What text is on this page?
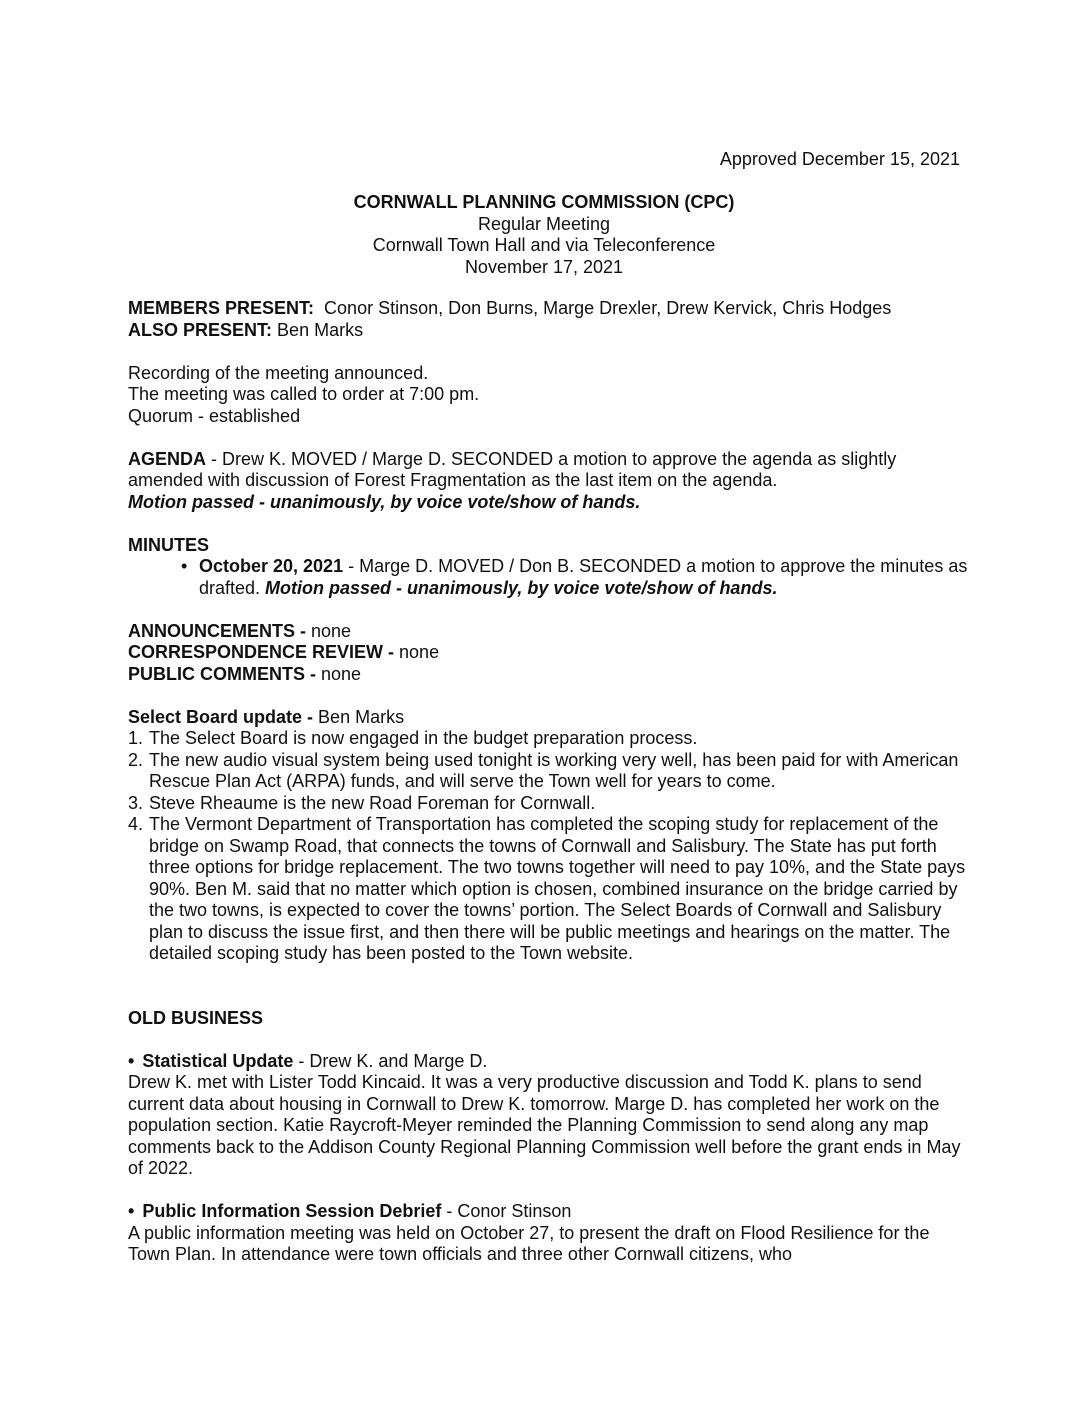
Approved December 15, 2021
CORNWALL PLANNING COMMISSION (CPC)
Regular Meeting
Cornwall Town Hall and via Teleconference
November 17, 2021

MEMBERS PRESENT: Conor Stinson, Don Burns, Marge Drexler, Drew Kervick, Chris Hodges

ALSO PRESENT: Ben Marks

Recording of the meeting announced.

The meeting was called to order at 7:00 pm.

Quorum - established

AGENDA - Drew K. MOVED / Marge D. SECONDED a motion to approve the agenda as slightly amended with discussion of Forest Fragmentation as the last item on the agenda.

Motion passed - unanimously, by voice vote/show of hands.

MINUTES

• October 20, 2021 - Marge D. MOVED / Don B. SECONDED a motion to approve the minutes as drafted. Motion passed - unanimously, by voice vote/show of hands.

ANNOUNCEMENTS - none

CORRESPONDENCE REVIEW - none

PUBLIC COMMENTS - none

Select Board update - Ben Marks

1. The Select Board is now engaged in the budget preparation process.
2. The new audio visual system being used tonight is working very well, has been paid for with American Rescue Plan Act (ARPA) funds, and will serve the Town well for years to come.
3. Steve Rheaume is the new Road Foreman for Cornwall.
4. The Vermont Department of Transportation has completed the scoping study for replacement of the bridge on Swamp Road, that connects the towns of Cornwall and Salisbury. The State has put forth three options for bridge replacement. The two towns together will need to pay 10%, and the State pays 90%. Ben M. said that no matter which option is chosen, combined insurance on the bridge carried by the two towns, is expected to cover the towns’ portion. The Select Boards of Cornwall and Salisbury plan to discuss the issue first, and then there will be public meetings and hearings on the matter. The detailed scoping study has been posted to the Town website.

OLD BUSINESS

• Statistical Update - Drew K. and Marge D.

Drew K. met with Lister Todd Kincaid. It was a very productive discussion and Todd K. plans to send current data about housing in Cornwall to Drew K. tomorrow. Marge D. has completed her work on the population section. Katie Raycroft-Meyer reminded the Planning Commission to send along any map comments back to the Addison County Regional Planning Commission well before the grant ends in May of 2022.

• Public Information Session Debrief - Conor Stinson

A public information meeting was held on October 27, to present the draft on Flood Resilience for the Town Plan. In attendance were town officials and three other Cornwall citizens, who
